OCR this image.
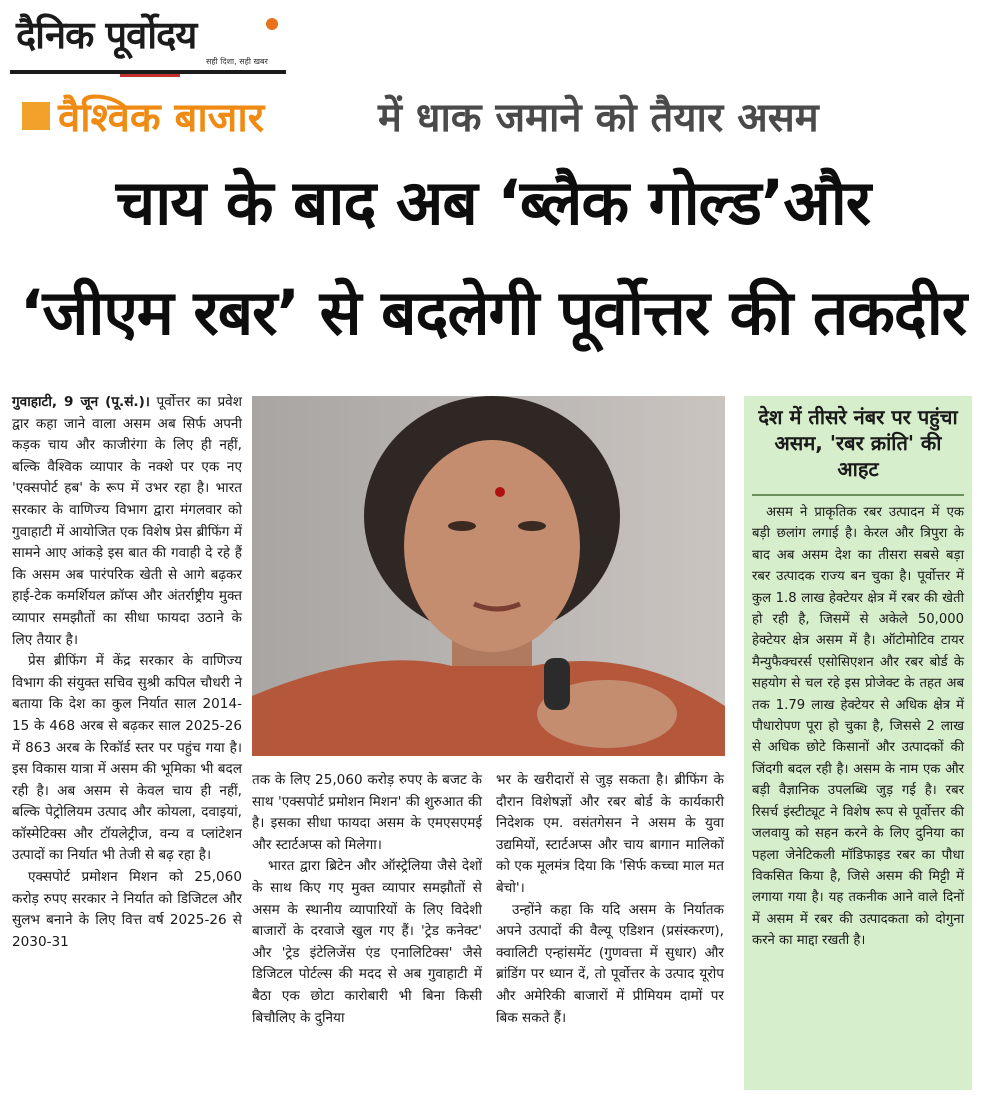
दैनिक पूर्वोदय
सही दिशा, सही खबर
वैश्विक बाजार	में धाक जमाने को तैयार असम
चाय के बाद अब ‘ब्लैक गोल्ड’और
‘जीएम रबर’ से बदलेगी पूर्वोत्तर की तकदीर

गुवाहाटी, 9 जून (पू.सं.)। पूर्वोत्तर का प्रवेश द्वार कहा जाने वाला असम अब सिर्फ अपनी कड़क चाय और काजीरंगा के लिए ही नहीं, बल्कि वैश्विक व्यापार के नक्शे पर एक नए 'एक्सपोर्ट हब' के रूप में उभर रहा है। भारत सरकार के वाणिज्य विभाग द्वारा मंगलवार को गुवाहाटी में आयोजित एक विशेष प्रेस ब्रीफिंग में सामने आए आंकड़े इस बात की गवाही दे रहे हैं कि असम अब पारंपरिक खेती से आगे बढ़कर हाई-टेक कमर्शियल क्रॉप्स और अंतर्राष्ट्रीय मुक्त व्यापार समझौतों का सीधा फायदा उठाने के लिए तैयार है।

प्रेस ब्रीफिंग में केंद्र सरकार के वाणिज्य विभाग की संयुक्त सचिव सुश्री कपिल चौधरी ने बताया कि देश का कुल निर्यात साल 2014-15 के 468 अरब से बढ़कर साल 2025-26 में 863 अरब के रिकॉर्ड स्तर पर पहुंच गया है। इस विकास यात्रा में असम की भूमिका भी बदल रही है। अब असम से केवल चाय ही नहीं, बल्कि पेट्रोलियम उत्पाद और कोयला, दवाइयां, कॉस्मेटिक्स और टॉयलेट्रीज, वन्य व प्लांटेशन उत्पादों का निर्यात भी तेजी से बढ़ रहा है।

एक्सपोर्ट प्रमोशन मिशन को 25,060 करोड़ रुपए सरकार ने निर्यात को डिजिटल और सुलभ बनाने के लिए वित्त वर्ष 2025-26 से 2030-31

तक के लिए 25,060 करोड़ रुपए के बजट के साथ 'एक्सपोर्ट प्रमोशन मिशन' की शुरुआत की है। इसका सीधा फायदा असम के एमएसएमई और स्टार्टअप्स को मिलेगा।

भारत द्वारा ब्रिटेन और ऑस्ट्रेलिया जैसे देशों के साथ किए गए मुक्त व्यापार समझौतों से असम के स्थानीय व्यापारियों के लिए विदेशी बाजारों के दरवाजे खुल गए हैं। 'ट्रेड कनेक्ट' और 'ट्रेड इंटेलिजेंस एंड एनालिटिक्स' जैसे डिजिटल पोर्टल्स की मदद से अब गुवाहाटी में बैठा एक छोटा कारोबारी भी बिना किसी बिचौलिए के दुनिया

भर के खरीदारों से जुड़ सकता है। ब्रीफिंग के दौरान विशेषज्ञों और रबर बोर्ड के कार्यकारी निदेशक एम. वसंतगेसन ने असम के युवा उद्यमियों, स्टार्टअप्स और चाय बागान मालिकों को एक मूलमंत्र दिया कि 'सिर्फ कच्चा माल मत बेचो'।

उन्होंने कहा कि यदि असम के निर्यातक अपने उत्पादों की वैल्यू एडिशन (प्रसंस्करण), क्वालिटी एन्हांसमेंट (गुणवत्ता में सुधार) और ब्रांडिंग पर ध्यान दें, तो पूर्वोत्तर के उत्पाद यूरोप और अमेरिकी बाजारों में प्रीमियम दामों पर बिक सकते हैं।

देश में तीसरे नंबर पर पहुंचा असम, 'रबर क्रांति' की आहट

असम ने प्राकृतिक रबर उत्पादन में एक बड़ी छलांग लगाई है। केरल और त्रिपुरा के बाद अब असम देश का तीसरा सबसे बड़ा रबर उत्पादक राज्य बन चुका है। पूर्वोत्तर में कुल 1.8 लाख हेक्टेयर क्षेत्र में रबर की खेती हो रही है, जिसमें से अकेले 50,000 हेक्टेयर क्षेत्र असम में है। ऑटोमोटिव टायर मैन्युफैक्चरर्स एसोसिएशन और रबर बोर्ड के सहयोग से चल रहे इस प्रोजेक्ट के तहत अब तक 1.79 लाख हेक्टेयर से अधिक क्षेत्र में पौधारोपण पूरा हो चुका है, जिससे 2 लाख से अधिक छोटे किसानों और उत्पादकों की जिंदगी बदल रही है। असम के नाम एक और बड़ी वैज्ञानिक उपलब्धि जुड़ गई है। रबर रिसर्च इंस्टीट्यूट ने विशेष रूप से पूर्वोत्तर की जलवायु को सहन करने के लिए दुनिया का पहला जेनेटिकली मॉडिफाइड रबर का पौधा विकसित किया है, जिसे असम की मिट्टी में लगाया गया है। यह तकनीक आने वाले दिनों में असम में रबर की उत्पादकता को दोगुना करने का माद्दा रखती है।
